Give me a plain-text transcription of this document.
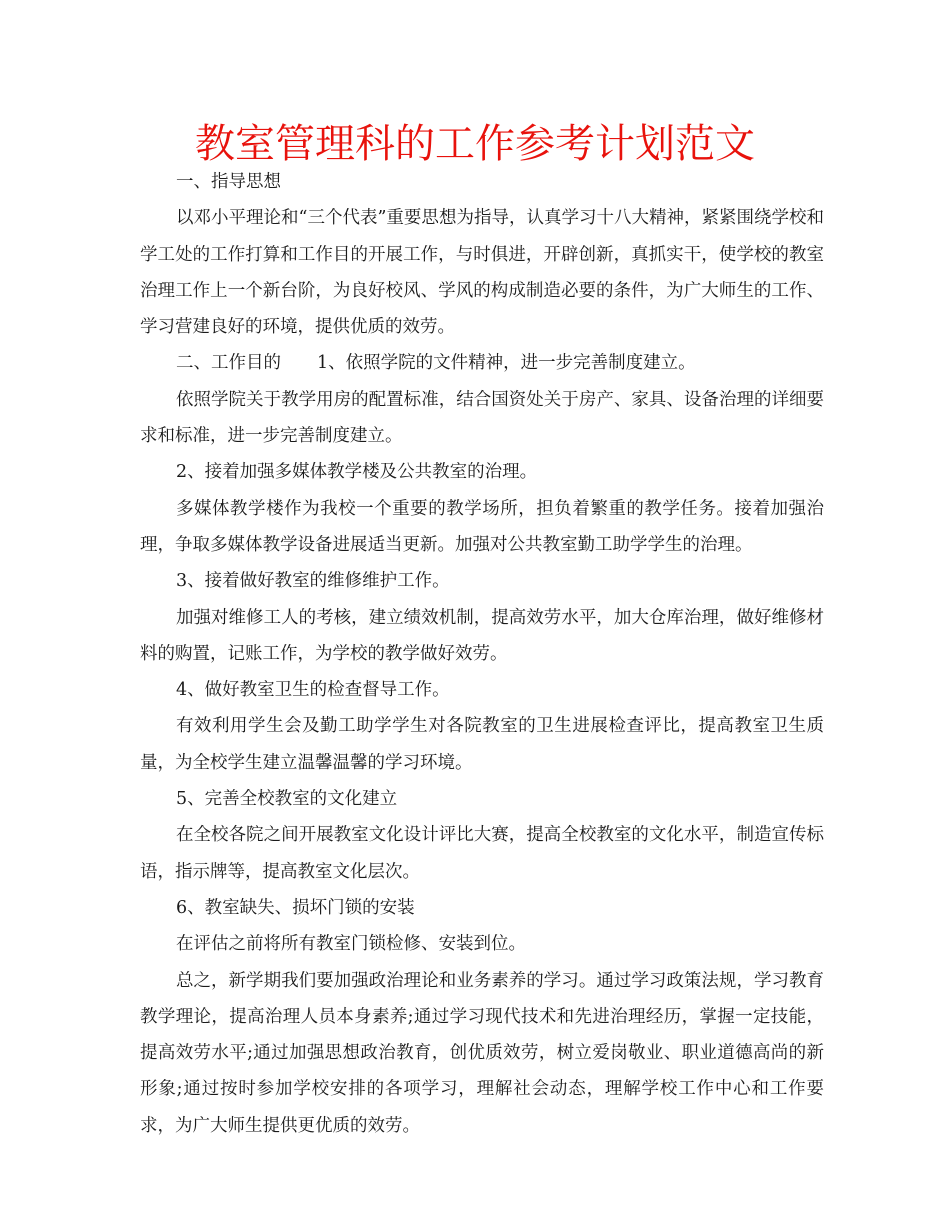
教室管理科的工作参考计划范文

一、指导思想

以邓小平理论和“三个代表”重要思想为指导，认真学习十八大精神，紧紧围绕学校和学工处的工作打算和工作目的开展工作，与时俱进，开辟创新，真抓实干，使学校的教室治理工作上一个新台阶，为良好校风、学风的构成制造必要的条件，为广大师生的工作、学习营建良好的环境，提供优质的效劳。

二、工作目的 1、依照学院的文件精神，进一步完善制度建立。

依照学院关于教学用房的配置标准，结合国资处关于房产、家具、设备治理的详细要求和标准，进一步完善制度建立。

2、接着加强多媒体教学楼及公共教室的治理。

多媒体教学楼作为我校一个重要的教学场所，担负着繁重的教学任务。接着加强治理，争取多媒体教学设备进展适当更新。加强对公共教室勤工助学学生的治理。

3、接着做好教室的维修维护工作。

加强对维修工人的考核，建立绩效机制，提高效劳水平，加大仓库治理，做好维修材料的购置，记账工作，为学校的教学做好效劳。

4、做好教室卫生的检查督导工作。

有效利用学生会及勤工助学学生对各院教室的卫生进展检查评比，提高教室卫生质量，为全校学生建立温馨温馨的学习环境。

5、完善全校教室的文化建立

在全校各院之间开展教室文化设计评比大赛，提高全校教室的文化水平，制造宣传标语，指示牌等，提高教室文化层次。

6、教室缺失、损坏门锁的安装

在评估之前将所有教室门锁检修、安装到位。

总之，新学期我们要加强政治理论和业务素养的学习。通过学习政策法规，学习教育教学理论，提高治理人员本身素养;通过学习现代技术和先进治理经历，掌握一定技能，提高效劳水平;通过加强思想政治教育，创优质效劳，树立爱岗敬业、职业道德高尚的新形象;通过按时参加学校安排的各项学习，理解社会动态，理解学校工作中心和工作要求，为广大师生提供更优质的效劳。
